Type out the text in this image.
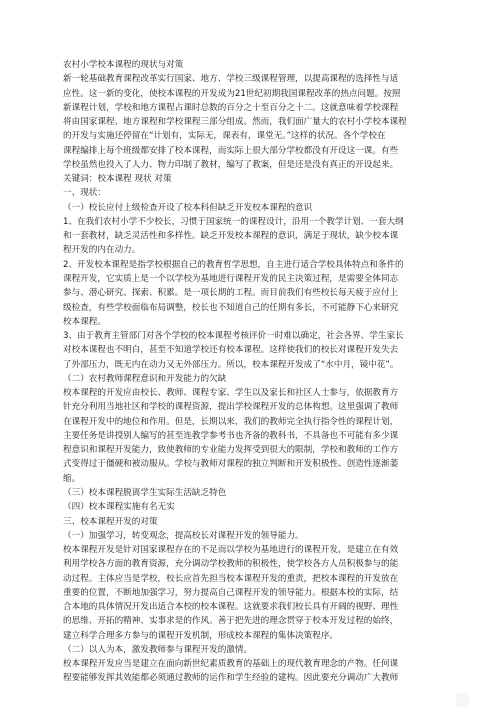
农村小学校本课程的现状与对策
新一轮基础教育课程改革实行国家、地方、学校三级课程管理，以提高课程的选择性与适
应性。这一新的变化，使校本课程的开发成为21世纪初期我国课程改革的热点问题。按照
新课程计划，学校和地方课程占课时总数的百分之十至百分之十二。这就意味着学校课程
将由国家课程、地方课程和学校课程三部分组成。然而，我们面广量大的农村小学校本课程
的开发与实施还停留在“计划有，实际无，课表有，课堂无。”这样的状况。各个学校在
课程编排上每个班级都安排了校本课程，而实际上很大部分学校都没有开设这一课。有些
学校虽然也投入了人力、物力印制了教材，编写了教案，但是还是没有真正的开设起来。
关键词：校本课程 现状 对策
一、现状：
（一）校长应付上级检查开设了校本科但缺乏开发校本课程的意识
1、在我们农村小学不少校长，习惯于国家统一的课程设计，沿用一个教学计划、一套大纲
和一套教材，缺乏灵活性和多样性。缺乏开发校本课程的意识，满足于现状，缺少校本课
程开发的内在动力。
2、开发校本课程是指学校根据自己的教育哲学思想，自主进行适合学校具体特点和条件的
课程开发，它实质上是一个以学校为基地进行课程开发的民主决策过程，是需要全体同志
参与、潜心研究、探索、积累。是一项长期的工程。而目前我们有些校长每天疲于应付上
级检查，有些学校面临布局调整，校长也不知道自己的任期有多长，不可能静下心来研究
校本课程。
3、由于教育主管部门对各个学校的校本课程考核评价一时难以确定，社会各界、学生家长
对校本课程也不明白，甚至不知道学校还有校本课程。这样使我们的校长对课程开发失去
了外部压力，既无内在动力又无外部压力。所以，校本课程开发成了“水中月，镜中花”。
（二）农村教师课程意识和开发能力的欠缺
校本课程的开发应由校长、教师、课程专家、学生以及家长和社区人士参与，依据教育方
针充分利用当地社区和学校的课程资源，提出学校课程开发的总体构想。这里强调了教师
在课程开发中的地位和作用。但是，长期以来，我们的教师完全执行指令性的课程计划，
主要任务是讲授别人编写的甚至连教学参考书也齐备的教科书，不具备也不可能有多少课
程意识和课程开发能力，致使教师的专业能力发挥受到很大的限制，学校和教师的工作方
式变得过于僵硬和被动服从。学校与教师对课程的独立判断和开发积极性、创造性逐渐萎
缩。
（三）校本课程脱离学生实际生活缺乏特色
（四）校本课程实施有名无实
三、校本课程开发的对策
（一）加强学习，转变观念，提高校长对课程开发的领导能力。
校本课程开发是针对国家课程存在的不足而以学校为基地进行的课程开发，是建立在有效
利用学校各方面的教育资源，充分调动学校教师的积极性，使学校各方人员积极参与的能
动过程。主体应当是学校，校长应首先担当校本课程开发的重责，把校本课程的开发放在
重要的位置，不断地加强学习，努力提高自己课程开发的领导能力。根据本校的实际，结
合本地的具体情况开发出适合本校的校本课程。这就要求我们校长具有开阔的视野、理性
的思维、开拓的精神、实事求是的作风。善于把先进的理念贯穿于校本开发过程的始终，
建立科学合理多方参与的课程开发机制，形成校本课程的集体决策程序。
（二）以人为本，激发教师参与课程开发的激情。
校本课程开发应当是建立在面向新世纪素质教育的基础上的现代教育理念的产物。任何课
程要能够发挥其效能都必须通过教师的运作和学生经验的建构。因此要充分调动广大教师
